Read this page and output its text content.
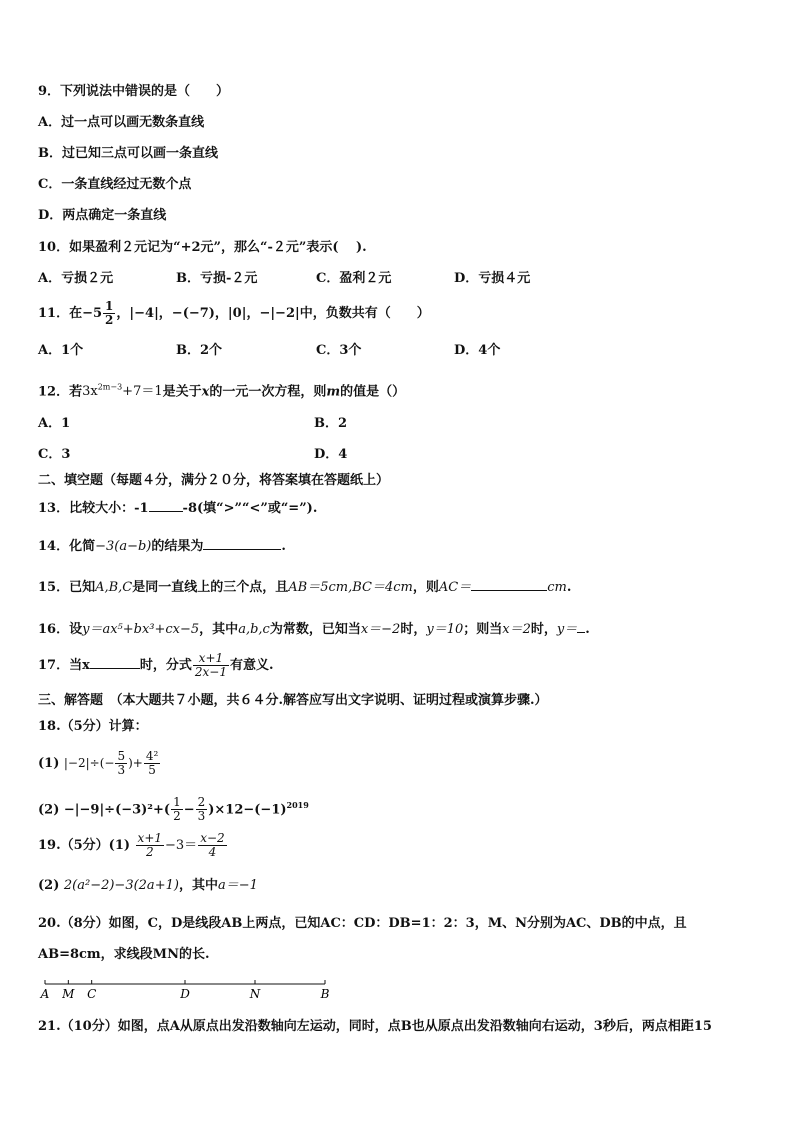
9．下列说法中错误的是（　　）
A．过一点可以画无数条直线
B．过已知三点可以画一条直线
C．一条直线经过无数个点
D．两点确定一条直线
10．如果盈利２元记为“+2元”，那么“-２元”表示(　 ).
A．亏损２元	B．亏损-２元	C．盈利２元	D．亏损４元
11．在$-5 \frac{1}{2}$ ，|−4|，−(−7)，|0|，−|−2|中，负数共有（　　）
A．1个	B．2个	C．3个	D．4个
12．若$3x^{2m-3}+7=1$是关于x的一元一次方程，则m的值是（）
A．1	B．2
C．3	D．4
二、填空题（每题４分，满分２０分，将答案填在答题纸上）
13．比较大小：-1	-8(填“>”“<”或“=”).
14．化简−3(a−b)的结果为	.
15．已知A,B,C是同一直线上的三个点，且AB＝5cm,BC＝4cm，则AC＝	cm.
16．设y＝ax⁵+bx³+cx−5，其中a,b,c为常数，已知当x＝−2时，y＝10；则当x＝2时，y＝ .
17．当x	时，分式 $\frac{x+1}{2x-1}$ 有意义.
三、解答题　（本大题共７小题，共６４分.解答应写出文字说明、证明过程或演算步骤.）
18.（5分）计算：
(1) $|-2|\div(- \frac{5}{3}$ )+ $\frac{\text{4²}}{5}$
$(2) -|-9|\div(-3)^2+( \frac{1}{2} - \frac{2}{3} )\times 12-(-1)^{2019}$
19.（5分）$(1) \frac{x+1}{2} -3= \frac{x-2}{4}$
(2) 2(a²−2)−3(2a+1)，其中a＝−1
20.（8分）如图，C，D是线段AB上两点，已知AC：CD：DB=1：2：3，M、N分别为AC、DB的中点，且
AB=8cm，求线段MN的长.
A M C	D	N	B
21.（10分）如图，点A从原点出发沿数轴向左运动，同时，点B也从原点出发沿数轴向右运动，3秒后，两点相距15
